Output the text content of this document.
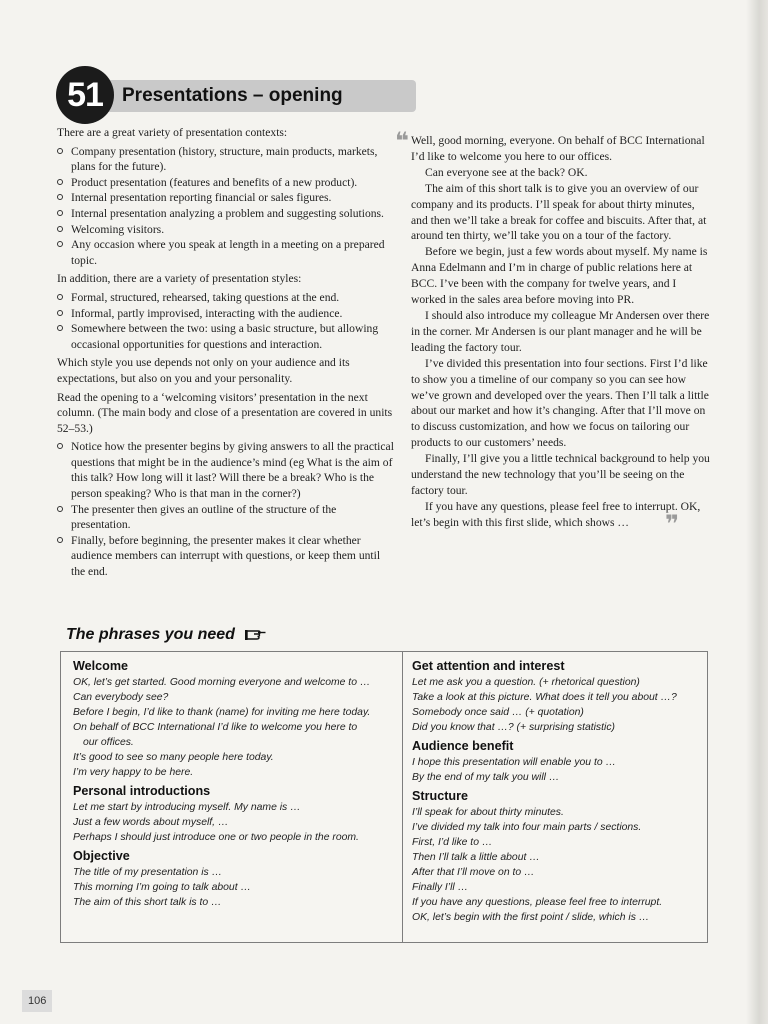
51	Presentations – opening

There are a great variety of presentation contexts:

Company presentation (history, structure, main products, markets, plans for the future).
Product presentation (features and benefits of a new product).
Internal presentation reporting financial or sales figures.
Internal presentation analyzing a problem and suggesting solutions.
Welcoming visitors.
Any occasion where you speak at length in a meeting on a prepared topic.

In addition, there are a variety of presentation styles:

Formal, structured, rehearsed, taking questions at the end.
Informal, partly improvised, interacting with the audience.
Somewhere between the two: using a basic structure, but allowing occasional opportunities for questions and interaction.

Which style you use depends not only on your audience and its expectations, but also on you and your personality.

Read the opening to a ‘welcoming visitors’ presentation in the next column. (The main body and close of a presentation are covered in units 52–53.)

Notice how the presenter begins by giving answers to all the practical questions that might be in the audience’s mind (eg What is the aim of this talk? How long will it last? Will there be a break? Who is the person speaking? Who is that man in the corner?)
The presenter then gives an outline of the structure of the presentation.
Finally, before beginning, the presenter makes it clear whether audience members can interrupt with questions, or keep them until the end.
❝ Well, good morning, everyone. On behalf of BCC International I’d like to welcome you here to our offices.

Can everyone see at the back? OK.

The aim of this short talk is to give you an overview of our company and its products. I’ll speak for about thirty minutes, and then we’ll take a break for coffee and biscuits. After that, at around ten thirty, we’ll take you on a tour of the factory.

Before we begin, just a few words about myself. My name is Anna Edelmann and I’m in charge of public relations here at BCC. I’ve been with the company for twelve years, and I worked in the sales area before moving into PR.

I should also introduce my colleague Mr Andersen over there in the corner. Mr Andersen is our plant manager and he will be leading the factory tour.

I’ve divided this presentation into four sections. First I’d like to show you a timeline of our company so you can see how we’ve grown and developed over the years. Then I’ll talk a little about our market and how it’s changing. After that I’ll move on to discuss customization, and how we focus on tailoring our products to our customers’ needs.

Finally, I’ll give you a little technical background to help you understand the new technology that you’ll be seeing on the factory tour.

If you have any questions, please feel free to interrupt. OK, let’s begin with this first slide, which shows … ❞

The phrases you need
Welcome
OK, let’s get started. Good morning everyone and welcome to …
Can everybody see?
Before I begin, I’d like to thank (name) for inviting me here today.
On behalf of BCC International I’d like to welcome you here to
our offices.
It’s good to see so many people here today.
I’m very happy to be here.
Personal introductions
Let me start by introducing myself. My name is …
Just a few words about myself, …
Perhaps I should just introduce one or two people in the room.
Objective
The title of my presentation is …
This morning I’m going to talk about …
The aim of this short talk is to …
Get attention and interest
Let me ask you a question. (+ rhetorical question)
Take a look at this picture. What does it tell you about …?
Somebody once said … (+ quotation)
Did you know that …? (+ surprising statistic)
Audience benefit
I hope this presentation will enable you to …
By the end of my talk you will …
Structure
I’ll speak for about thirty minutes.
I’ve divided my talk into four main parts / sections.
First, I’d like to …
Then I’ll talk a little about …
After that I’ll move on to …
Finally I’ll …
If you have any questions, please feel free to interrupt.
OK, let’s begin with the first point / slide, which is …
106
